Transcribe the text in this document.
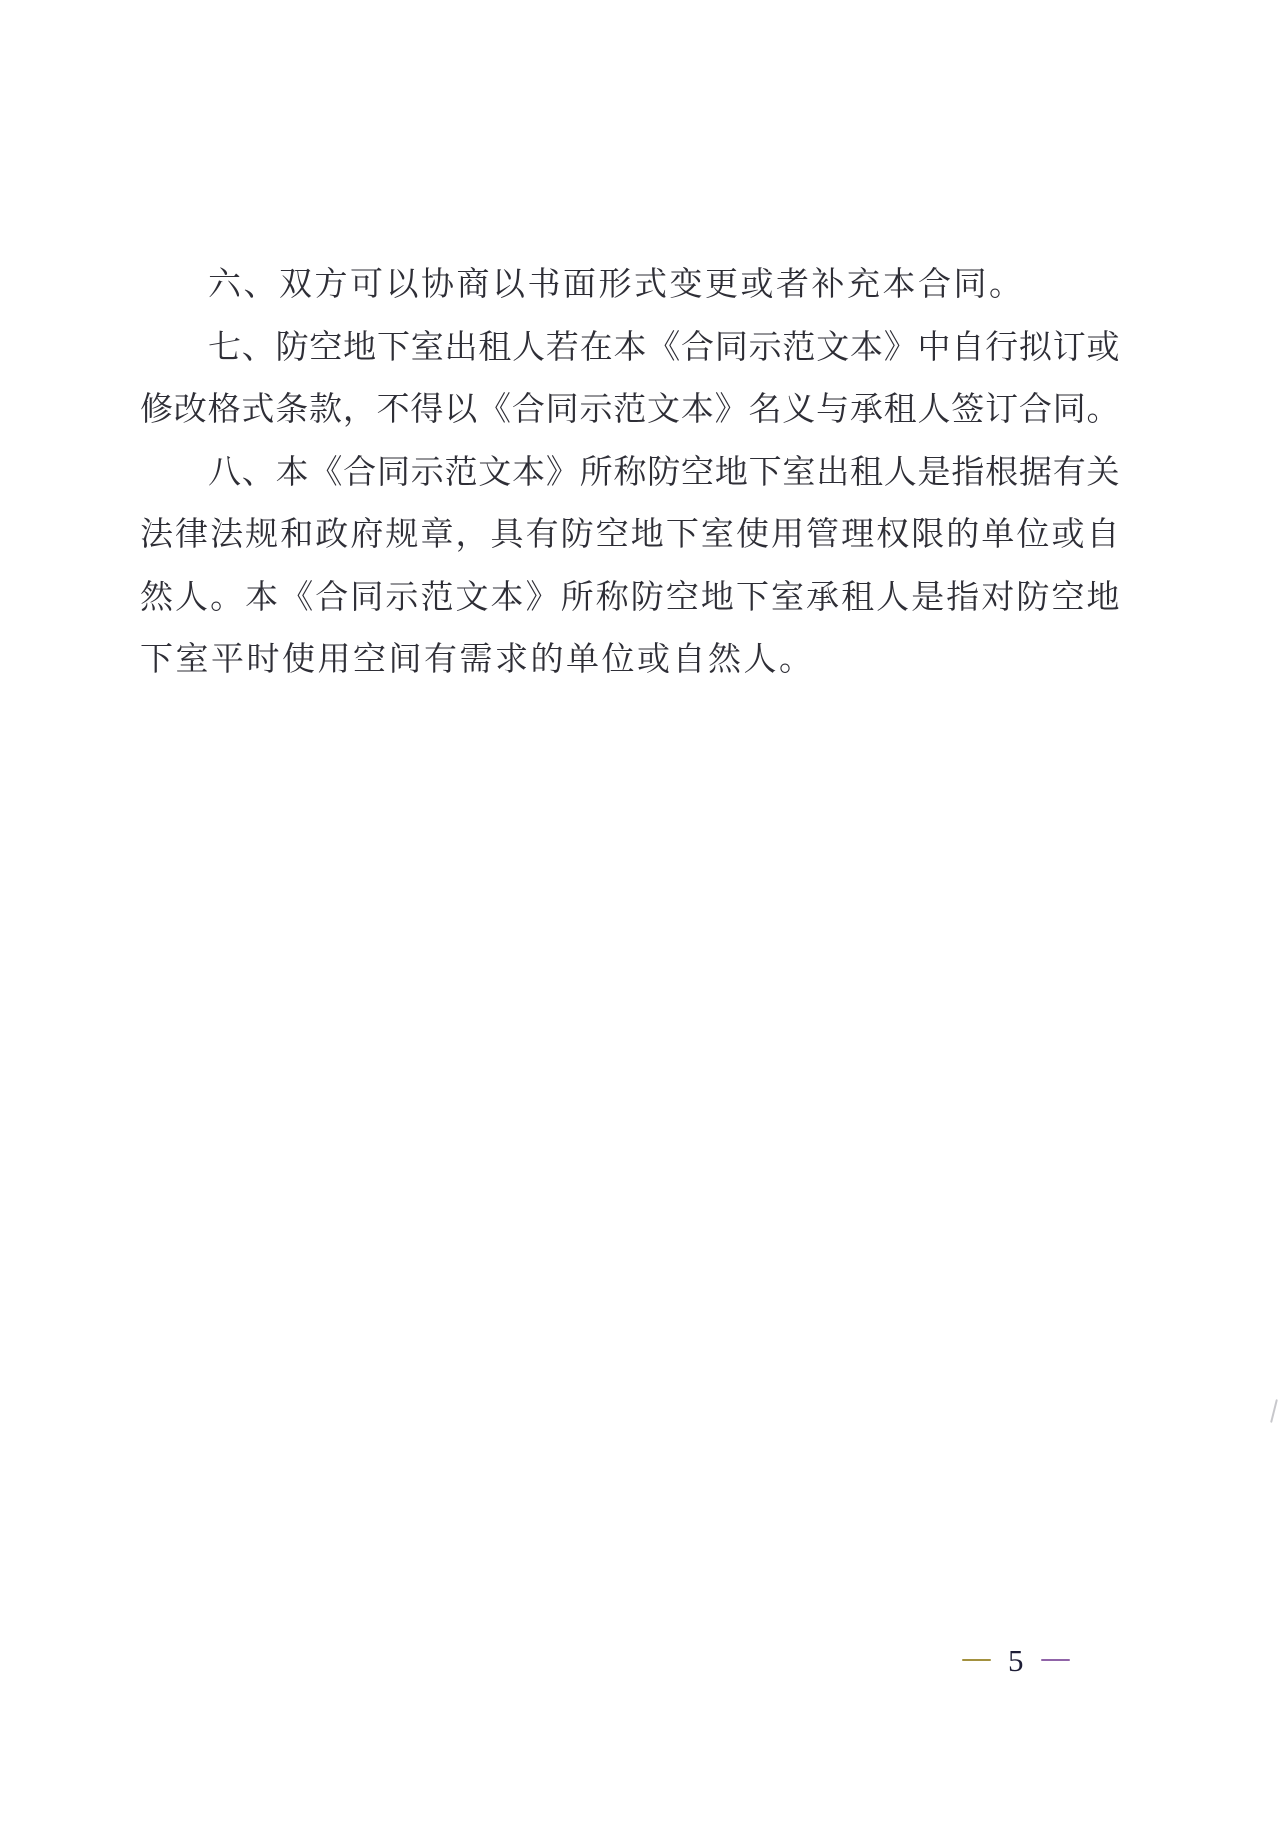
六、双方可以协商以书面形式变更或者补充本合同。
七、防空地下室出租人若在本《合同示范文本》中自行拟订或
修改格式条款，不得以《合同示范文本》名义与承租人签订合同。
八、本《合同示范文本》所称防空地下室出租人是指根据有关
法律法规和政府规章，具有防空地下室使用管理权限的单位或自
然人。本《合同示范文本》所称防空地下室承租人是指对防空地
下室平时使用空间有需求的单位或自然人。
5
